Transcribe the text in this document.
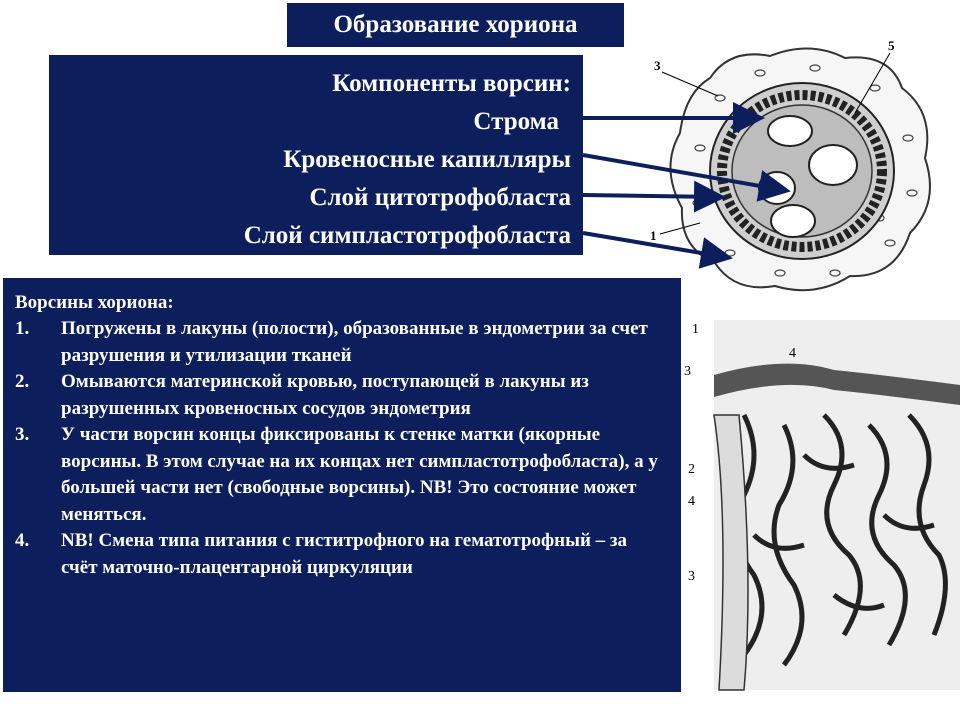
Образование хориона
Компоненты ворсин:
Строма
Кровеносные капилляры
Слой цитотрофобласта
Слой симпластотрофобласта
Ворсины хориона:
1.	Погружены в лакуны (полости), образованные в эндометрии за счет разрушения и утилизации тканей
2.	Омываются материнской кровью, поступающей в лакуны из разрушенных кровеносных сосудов эндометрия
3.	У части ворсин концы фиксированы к стенке матки (якорные ворсины. В этом случае на их концах нет симпластотрофобласта), а у большей части нет (свободные ворсины). NB! Это состояние может меняться.
4.	NB! Смена типа питания с гиститрофного на гематотрофный – за счёт маточно-плацентарной циркуляции
3
5
1
1
4
3
2
4
3
